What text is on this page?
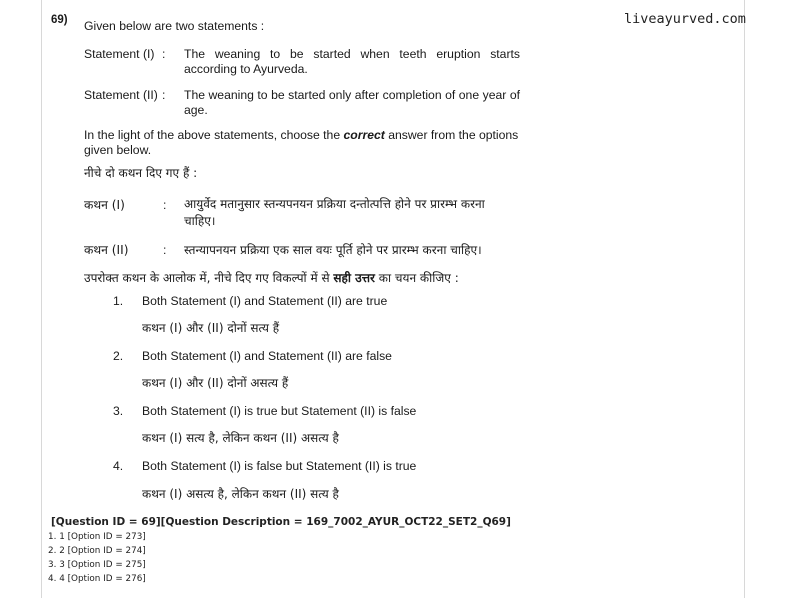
liveayurved.com
69) Given below are two statements :
Statement (I) : The weaning to be started when teeth eruption starts according to Ayurveda.
Statement (II) : The weaning to be started only after completion of one year of age.
In the light of the above statements, choose the correct answer from the options given below.
नीचे दो कथन दिए गए हैं :
कथन (I)	: आयुर्वेद मतानुसार स्तन्यपनयन प्रक्रिया दन्तोत्पत्ति होने पर प्रारम्भ करना
चाहिए।
कथन (II)	: स्तन्यापनयन प्रक्रिया एक साल वयः पूर्ति होने पर प्रारम्भ करना चाहिए।
उपरोक्त कथन के आलोक में, नीचे दिए गए विकल्पों में से सही उत्तर का चयन कीजिए :
1. Both Statement (I) and Statement (II) are true
कथन (I) और (II) दोनों सत्य हैं
2. Both Statement (I) and Statement (II) are false
कथन (I) और (II) दोनों असत्य हैं
3. Both Statement (I) is true but Statement (II) is false
कथन (I) सत्य है, लेकिन कथन (II) असत्य है
4. Both Statement (I) is false but Statement (II) is true
कथन (I) असत्य है, लेकिन कथन (II) सत्य है
[Question ID = 69][Question Description = 169_7002_AYUR_OCT22_SET2_Q69]
1. 1 [Option ID = 273]
2. 2 [Option ID = 274]
3. 3 [Option ID = 275]
4. 4 [Option ID = 276]
